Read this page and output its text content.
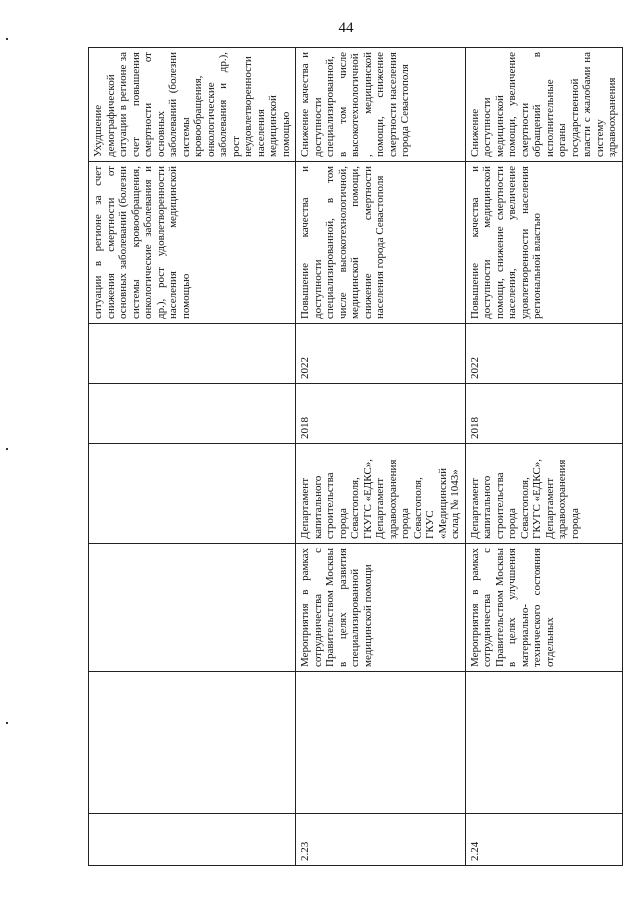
44
						ситуации в регионе за счет снижения смертности от основных заболеваний (болезни системы кровообращения, онкологические заболевания и др.), рост удовлетворенности населения медицинской помощью	Ухудшение демографической ситуации в регионе за счет повышения смертности от основных заболеваний (болезни системы кровообращения, онкологические заболевания и др.), рост неудовлетворенности населения медицинской помощью
2.23		Мероприятия в рамках сотрудничества с Правительством Москвы в целях развития специализированной медицинской помощи	Департамент капитального строительства города Севастополя, ГКУГС «ЕДКС», Департамент здравоохранения города Севастополя, ГКУС «Медицинский склад № 1043»	2018	2022	Повышение качества и доступности специализированной, в том числе высокотехнологичной, медицинской помощи, снижение смертности населения города Севастополя	Снижение качества и доступности специализированной, в том числе высокотехнологичной, медицинской помощи, снижение смертности населения города Севастополя
2.24		Мероприятия в рамках сотрудничества с Правительством Москвы в целях улучшения материально-технического состояния отдельных	Департамент капитального строительства города Севастополя, ГКУГС «ЕДКС», Департамент здравоохранения города	2018	2022	Повышение качества и доступности медицинской помощи, снижение смертности населения, увеличение удовлетворенности населения региональной властью	Снижение доступности медицинской помощи, увеличение смертности обращений в исполнительные органы государственной власти с жалобами на систему здравоохранения
